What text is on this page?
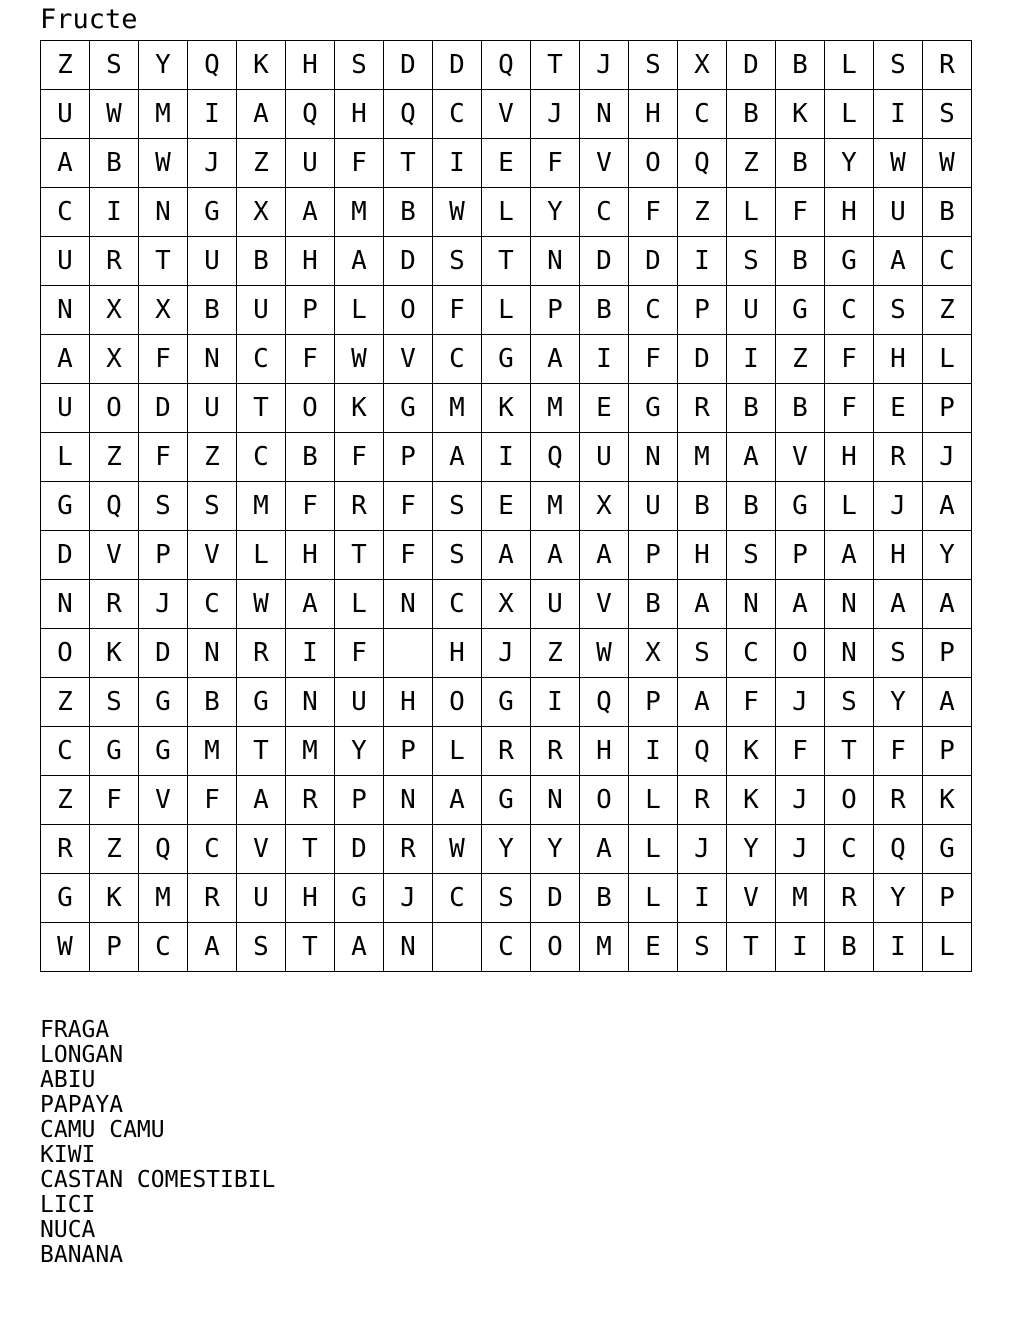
Fructe
Z	S	Y	Q	K	H	S	D	D	Q	T	J	S	X	D	B	L	S	R
U	W	M	I	A	Q	H	Q	C	V	J	N	H	C	B	K	L	I	S
A	B	W	J	Z	U	F	T	I	E	F	V	O	Q	Z	B	Y	W	W
C	I	N	G	X	A	M	B	W	L	Y	C	F	Z	L	F	H	U	B
U	R	T	U	B	H	A	D	S	T	N	D	D	I	S	B	G	A	C
N	X	X	B	U	P	L	O	F	L	P	B	C	P	U	G	C	S	Z
A	X	F	N	C	F	W	V	C	G	A	I	F	D	I	Z	F	H	L
U	O	D	U	T	O	K	G	M	K	M	E	G	R	B	B	F	E	P
L	Z	F	Z	C	B	F	P	A	I	Q	U	N	M	A	V	H	R	J
G	Q	S	S	M	F	R	F	S	E	M	X	U	B	B	G	L	J	A
D	V	P	V	L	H	T	F	S	A	A	A	P	H	S	P	A	H	Y
N	R	J	C	W	A	L	N	C	X	U	V	B	A	N	A	N	A	A
O	K	D	N	R	I	F		H	J	Z	W	X	S	C	O	N	S	P
Z	S	G	B	G	N	U	H	O	G	I	Q	P	A	F	J	S	Y	A
C	G	G	M	T	M	Y	P	L	R	R	H	I	Q	K	F	T	F	P
Z	F	V	F	A	R	P	N	A	G	N	O	L	R	K	J	O	R	K
R	Z	Q	C	V	T	D	R	W	Y	Y	A	L	J	Y	J	C	Q	G
G	K	M	R	U	H	G	J	C	S	D	B	L	I	V	M	R	Y	P
W	P	C	A	S	T	A	N		C	O	M	E	S	T	I	B	I	L
FRAGA
LONGAN
ABIU
PAPAYA
CAMU CAMU
KIWI
CASTAN COMESTIBIL
LICI
NUCA
BANANA
